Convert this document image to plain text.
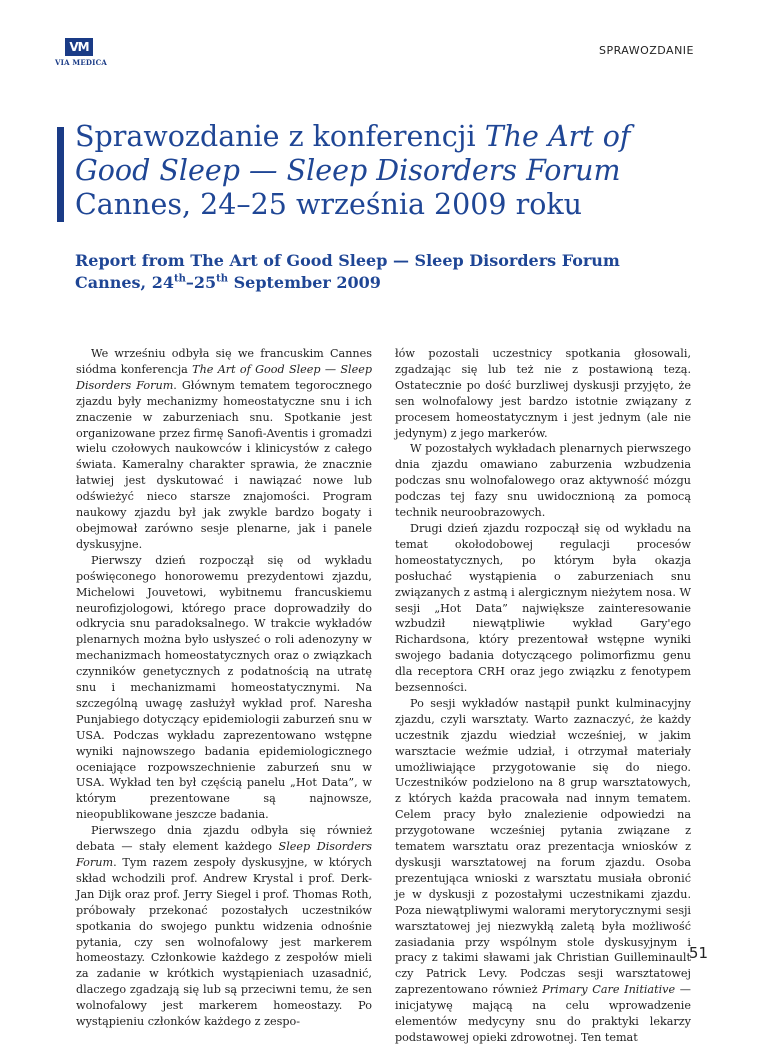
VM
VIA MEDICA
SPRAWOZDANIE
Sprawozdanie z konferencji The Art of
Good Sleep — Sleep Disorders Forum
Cannes, 24–25 września 2009 roku
Report from The Art of Good Sleep — Sleep Disorders Forum
Cannes, 24th–25th September 2009

We wrześniu odbyła się we francuskim Cannes siódma konferencja The Art of Good Sleep — Sleep Disorders Forum. Głównym tematem tegorocznego zjazdu były mechanizmy homeostatyczne snu i ich znaczenie w zaburzeniach snu. Spotkanie jest organizowane przez firmę Sanofi-Aventis i gromadzi wielu czołowych naukowców i klinicystów z całego świata. Kameralny charakter sprawia, że znacznie łatwiej jest dyskutować i nawiązać nowe lub odświeżyć nieco starsze znajomości. Program naukowy zjazdu był jak zwykle bardzo bogaty i obejmował zarówno sesje plenarne, jak i panele dyskusyjne.

Pierwszy dzień rozpoczął się od wykładu poświęconego honorowemu prezydentowi zjazdu, Michelowi Jouvetowi, wybitnemu francuskiemu neurofizjologowi, którego prace doprowadziły do odkrycia snu paradoksalnego. W trakcie wykładów plenarnych można było usłyszeć o roli adenozyny w mechanizmach homeostatycznych oraz o związkach czynników genetycznych z podatnością na utratę snu i mechanizmami homeostatycznymi. Na szczególną uwagę zasłużył wykład prof. Naresha Punjabiego dotyczący epidemiologii zaburzeń snu w USA. Podczas wykładu zaprezentowano wstępne wyniki najnowszego badania epidemiologicznego oceniające rozpowszechnienie zaburzeń snu w USA. Wykład ten był częścią panelu „Hot Data”, w którym prezentowane są najnowsze, nieopublikowane jeszcze badania.

Pierwszego dnia zjazdu odbyła się również debata — stały element każdego Sleep Disorders Forum. Tym razem zespoły dyskusyjne, w których skład wchodzili prof. Andrew Krystal i prof. Derk-Jan Dijk oraz prof. Jerry Siegel i prof. Thomas Roth, próbowały przekonać pozostałych uczestników spotkania do swojego punktu widzenia odnośnie pytania, czy sen wolnofalowy jest markerem homeostazy. Członkowie każdego z zespołów mieli za zadanie w krótkich wystąpieniach uzasadnić, dlaczego zgadzają się lub są przeciwni temu, że sen wolnofalowy jest markerem homeostazy. Po wystąpieniu członków każdego z zespo-

łów pozostali uczestnicy spotkania głosowali, zgadzając się lub też nie z postawioną tezą. Ostatecznie po dość burzliwej dyskusji przyjęto, że sen wolnofalowy jest bardzo istotnie związany z procesem homeostatycznym i jest jednym (ale nie jedynym) z jego markerów.

W pozostałych wykładach plenarnych pierwszego dnia zjazdu omawiano zaburzenia wzbudzenia podczas snu wolnofalowego oraz aktywność mózgu podczas tej fazy snu uwidocznioną za pomocą technik neuroobrazowych.

Drugi dzień zjazdu rozpoczął się od wykładu na temat okołodobowej regulacji procesów homeostatycznych, po którym była okazja posłuchać wystąpienia o zaburzeniach snu związanych z astmą i alergicznym nieżytem nosa. W sesji „Hot Data” największe zainteresowanie wzbudził niewątpliwie wykład Gary'ego Richardsona, który prezentował wstępne wyniki swojego badania dotyczącego polimorfizmu genu dla receptora CRH oraz jego związku z fenotypem bezsenności.

Po sesji wykładów nastąpił punkt kulminacyjny zjazdu, czyli warsztaty. Warto zaznaczyć, że każdy uczestnik zjazdu wiedział wcześniej, w jakim warsztacie weźmie udział, i otrzymał materiały umożliwiające przygotowanie się do niego. Uczestników podzielono na 8 grup warsztatowych, z których każda pracowała nad innym tematem. Celem pracy było znalezienie odpowiedzi na przygotowane wcześniej pytania związane z tematem warsztatu oraz prezentacja wniosków z dyskusji warsztatowej na forum zjazdu. Osoba prezentująca wnioski z warsztatu musiała obronić je w dyskusji z pozostałymi uczestnikami zjazdu. Poza niewątpliwymi walorami merytorycznymi sesji warsztatowej jej niezwykłą zaletą była możliwość zasiadania przy wspólnym stole dyskusyjnym i pracy z takimi sławami jak Christian Guilleminault czy Patrick Levy. Podczas sesji warsztatowej zaprezentowano również Primary Care Initiative — inicjatywę mającą na celu wprowadzenie elementów medycyny snu do praktyki lekarzy podstawowej opieki zdrowotnej. Ten temat

51
